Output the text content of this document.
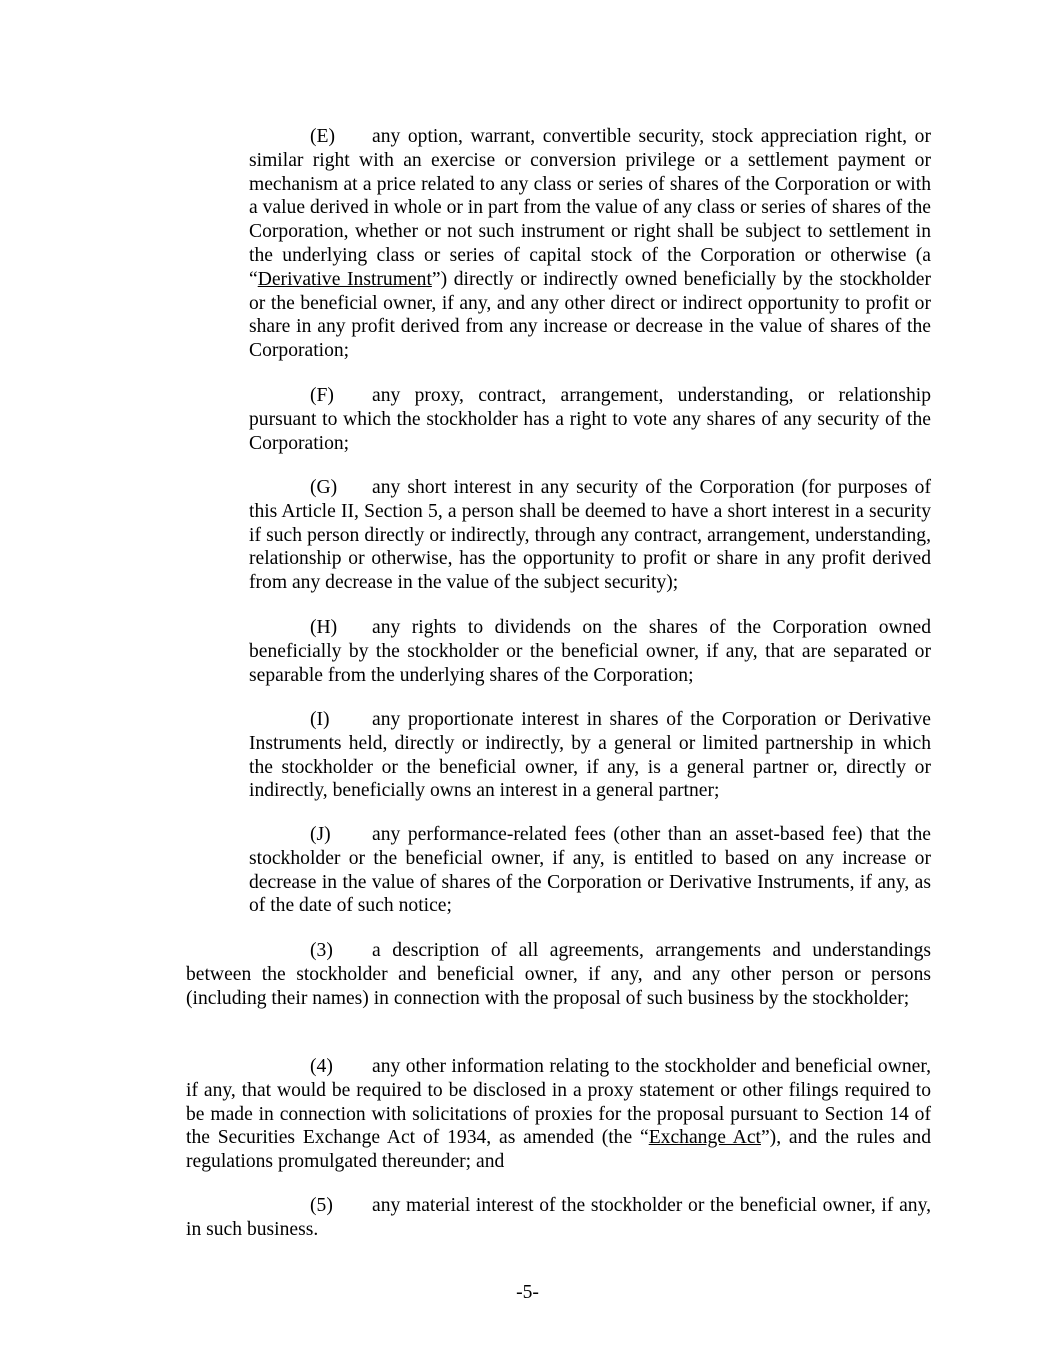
(E) any option, warrant, convertible security, stock appreciation right, or similar right with an exercise or conversion privilege or a settlement payment or mechanism at a price related to any class or series of shares of the Corporation or with a value derived in whole or in part from the value of any class or series of shares of the Corporation, whether or not such instrument or right shall be subject to settlement in the underlying class or series of capital stock of the Corporation or otherwise (a “Derivative Instrument”) directly or indirectly owned beneficially by the stockholder or the beneficial owner, if any, and any other direct or indirect opportunity to profit or share in any profit derived from any increase or decrease in the value of shares of the Corporation;

(F) any proxy, contract, arrangement, understanding, or relationship pursuant to which the stockholder has a right to vote any shares of any security of the Corporation;

(G) any short interest in any security of the Corporation (for purposes of this Article II, Section 5, a person shall be deemed to have a short interest in a security if such person directly or indirectly, through any contract, arrangement, understanding, relationship or otherwise, has the opportunity to profit or share in any profit derived from any decrease in the value of the subject security);

(H) any rights to dividends on the shares of the Corporation owned beneficially by the stockholder or the beneficial owner, if any, that are separated or separable from the underlying shares of the Corporation;

(I) any proportionate interest in shares of the Corporation or Derivative Instruments held, directly or indirectly, by a general or limited partnership in which the stockholder or the beneficial owner, if any, is a general partner or, directly or indirectly, beneficially owns an interest in a general partner;

(J) any performance-related fees (other than an asset-based fee) that the stockholder or the beneficial owner, if any, is entitled to based on any increase or decrease in the value of shares of the Corporation or Derivative Instruments, if any, as of the date of such notice;

(3) a description of all agreements, arrangements and understandings between the stockholder and beneficial owner, if any, and any other person or persons (including their names) in connection with the proposal of such business by the stockholder;

(4) any other information relating to the stockholder and beneficial owner, if any, that would be required to be disclosed in a proxy statement or other filings required to be made in connection with solicitations of proxies for the proposal pursuant to Section 14 of the Securities Exchange Act of 1934, as amended (the “Exchange Act”), and the rules and regulations promulgated thereunder; and

(5) any material interest of the stockholder or the beneficial owner, if any, in such business.

-5-
